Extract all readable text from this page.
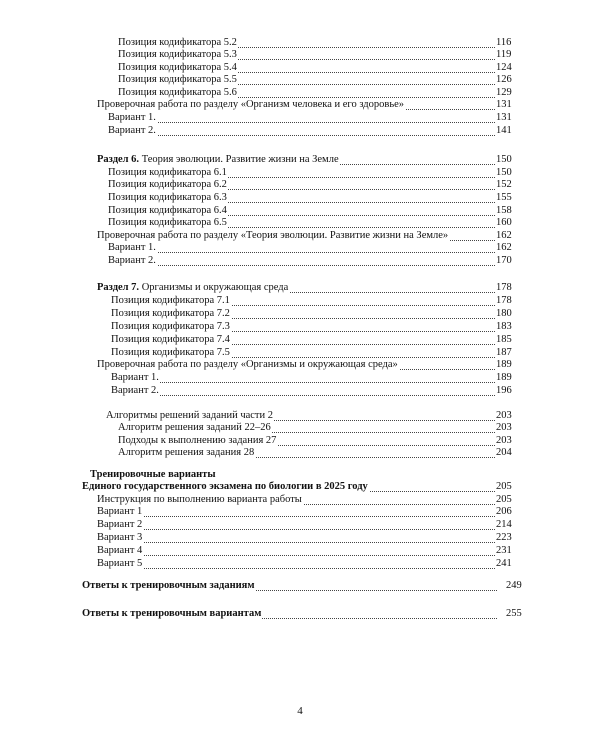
Позиция кодификатора 5.2	116
Позиция кодификатора 5.3	119
Позиция кодификатора 5.4	124
Позиция кодификатора 5.5	126
Позиция кодификатора 5.6	129
Проверочная работа по разделу «Организм человека и его здоровье»	131
Вариант 1.	131
Вариант 2.	141
Раздел 6. Теория эволюции. Развитие жизни на Земле	150
Позиция кодификатора 6.1	150
Позиция кодификатора 6.2	152
Позиция кодификатора 6.3	155
Позиция кодификатора 6.4	158
Позиция кодификатора 6.5	160
Проверочная работа по разделу «Теория эволюции. Развитие жизни на Земле»	162
Вариант 1.	162
Вариант 2.	170
Раздел 7. Организмы и окружающая среда	178
Позиция кодификатора 7.1	178
Позиция кодификатора 7.2	180
Позиция кодификатора 7.3	183
Позиция кодификатора 7.4	185
Позиция кодификатора 7.5	187
Проверочная работа по разделу «Организмы и окружающая среда»	189
Вариант 1.	189
Вариант 2.	196
Алгоритмы решений заданий части 2	203
Алгоритм решения заданий 22–26	203
Подходы к выполнению задания 27	203
Алгоритм решения задания 28	204
Тренировочные варианты
Единого государственного экзамена по биологии в 2025 году	205
Инструкция по выполнению варианта работы	205
Вариант 1	206
Вариант 2	214
Вариант 3	223
Вариант 4	231
Вариант 5	241
Ответы к тренировочным заданиям	249
Ответы к тренировочным вариантам	255
4
